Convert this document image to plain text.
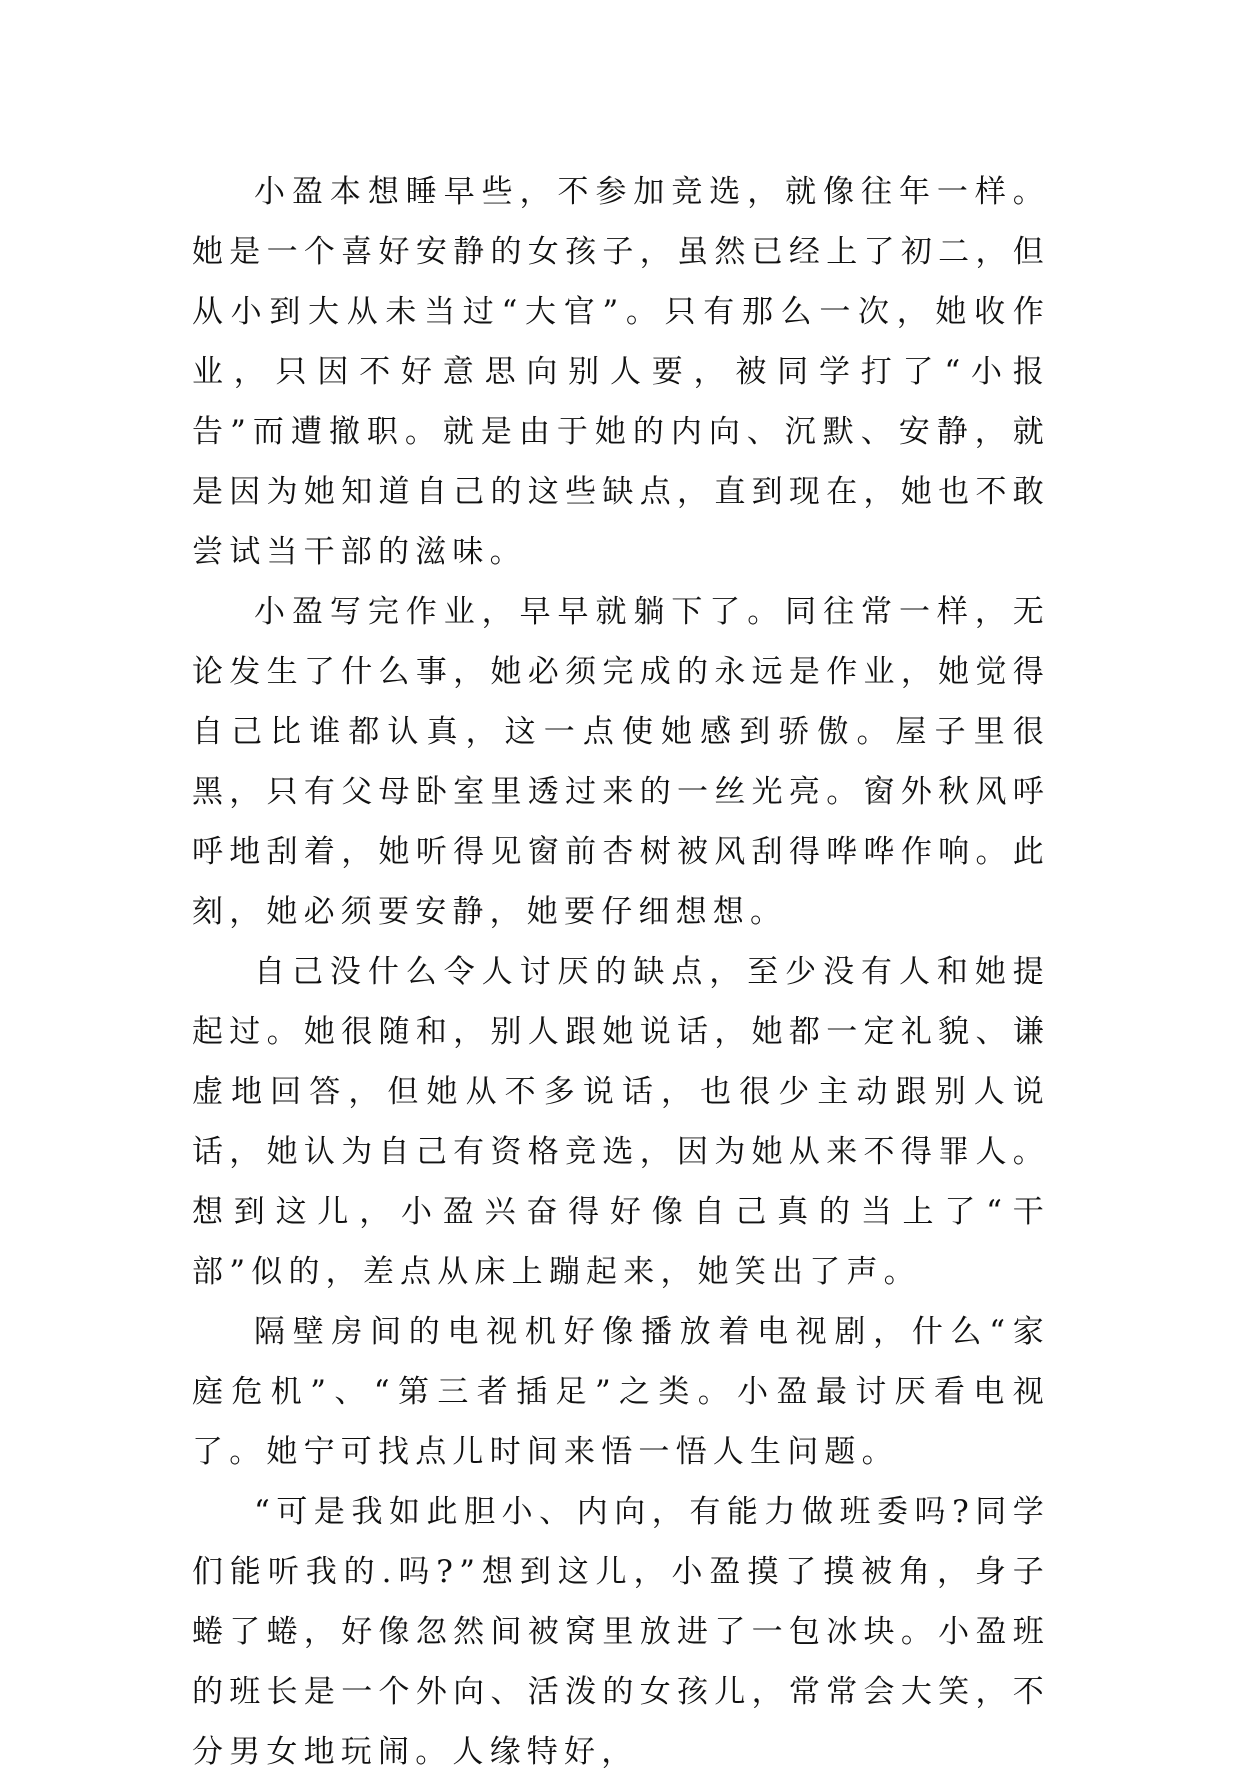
小盈本想睡早些，不参加竞选，就像往年一样。她是一个喜好安静的女孩子，虽然已经上了初二，但从小到大从未当过“大官”。只有那么一次，她收作业，只因不好意思向别人要，被同学打了“小报告”而遭撤职。就是由于她的内向、沉默、安静，就是因为她知道自己的这些缺点，直到现在，她也不敢尝试当干部的滋味。

小盈写完作业，早早就躺下了。同往常一样，无论发生了什么事，她必须完成的永远是作业，她觉得自己比谁都认真，这一点使她感到骄傲。屋子里很黑，只有父母卧室里透过来的一丝光亮。窗外秋风呼呼地刮着，她听得见窗前杏树被风刮得哗哗作响。此刻，她必须要安静，她要仔细想想。

自己没什么令人讨厌的缺点，至少没有人和她提起过。她很随和，别人跟她说话，她都一定礼貌、谦虚地回答，但她从不多说话，也很少主动跟别人说话，她认为自己有资格竞选，因为她从来不得罪人。想到这儿，小盈兴奋得好像自己真的当上了“干部”似的，差点从床上蹦起来，她笑出了声。

隔壁房间的电视机好像播放着电视剧，什么“家庭危机”、“第三者插足”之类。小盈最讨厌看电视了。她宁可找点儿时间来悟一悟人生问题。

“可是我如此胆小、内向，有能力做班委吗?同学们能听我的.吗?”想到这儿，小盈摸了摸被角，身子蜷了蜷，好像忽然间被窝里放进了一包冰块。小盈班的班长是一个外向、活泼的女孩儿，常常会大笑，不分男女地玩闹。人缘特好，
